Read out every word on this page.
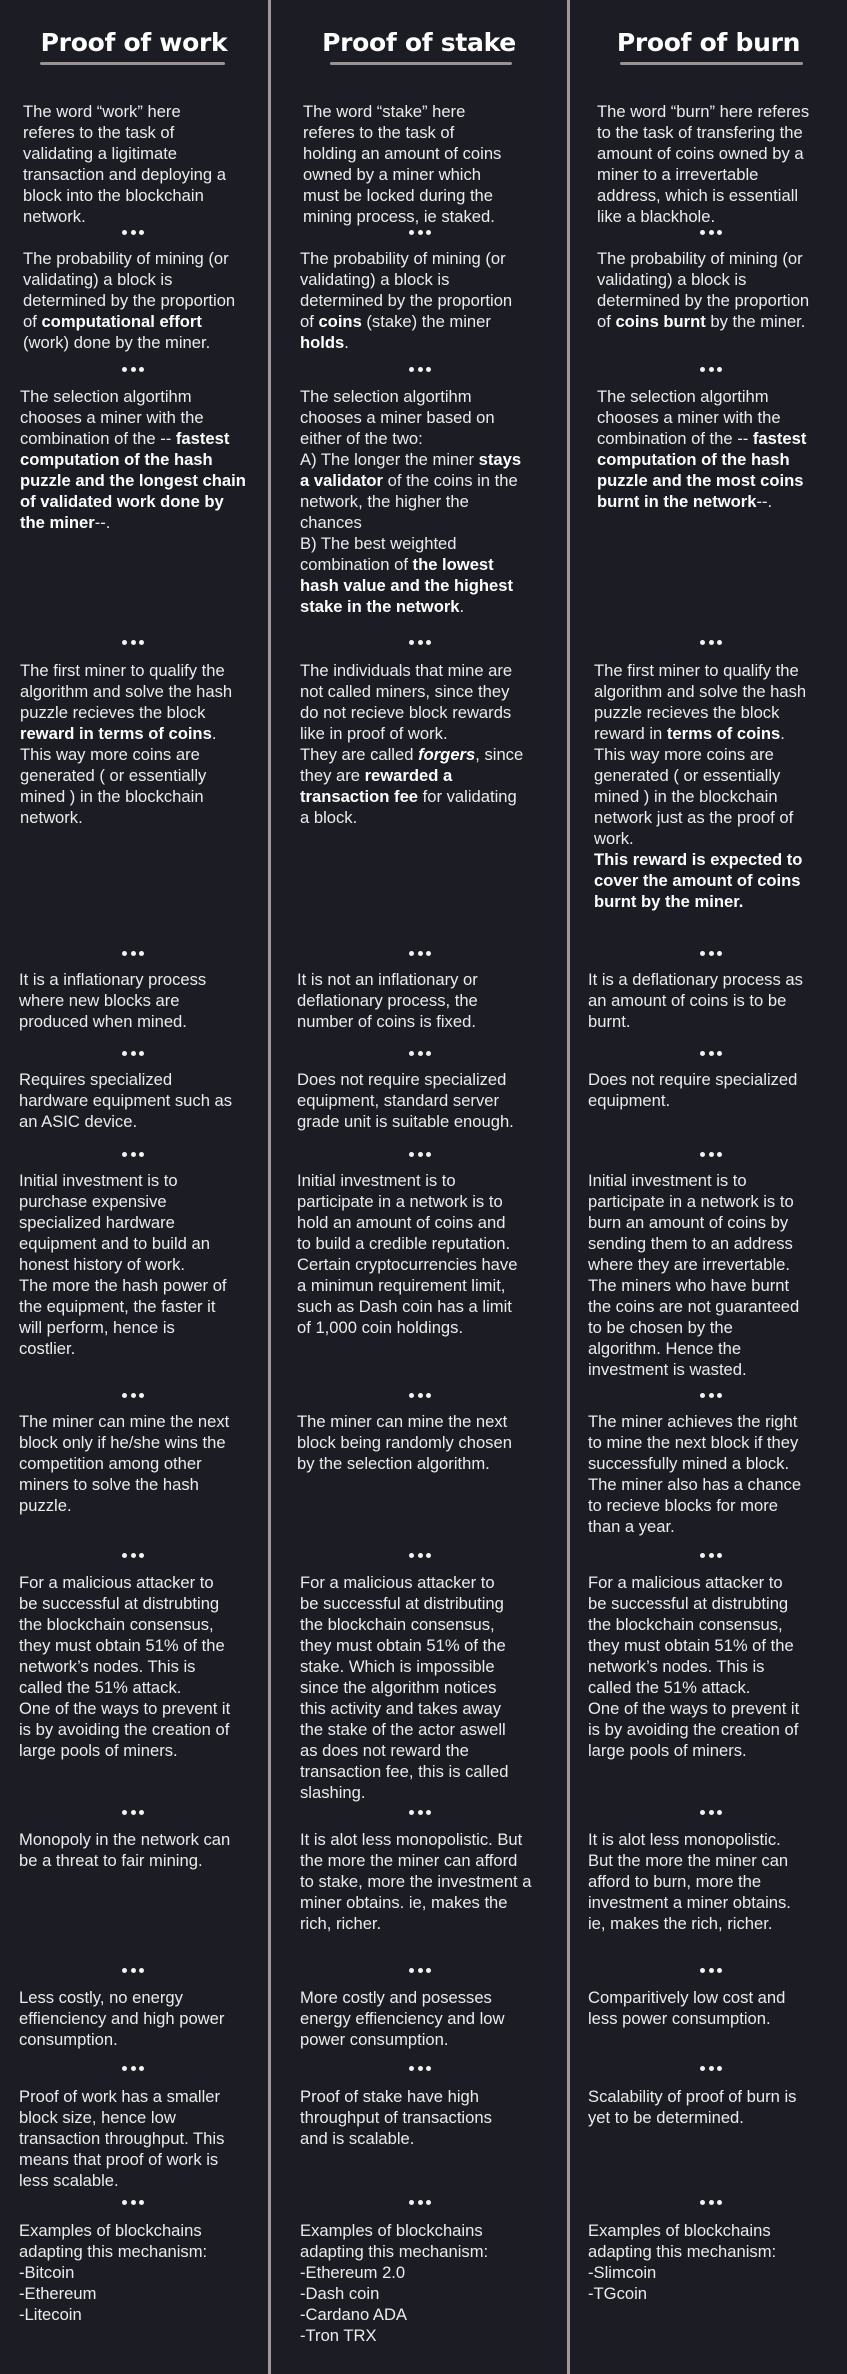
Proof of work
The word “work” here
referes to the task of
validating a ligitimate
transaction and deploying a
block into the blockchain
network.
The probability of mining (or
validating) a block is
determined by the proportion
of computational effort
(work) done by the miner.
The selection algortihm
chooses a miner with the
combination of the -- fastest
computation of the hash
puzzle and the longest chain
of validated work done by
the miner--.
The first miner to qualify the
algorithm and solve the hash
puzzle recieves the block
reward in terms of coins.
This way more coins are
generated ( or essentially
mined ) in the blockchain
network.
It is a inflationary process
where new blocks are
produced when mined.
Requires specialized
hardware equipment such as
an ASIC device.
Initial investment is to
purchase expensive
specialized hardware
equipment and to build an
honest history of work.
The more the hash power of
the equipment, the faster it
will perform, hence is
costlier.
The miner can mine the next
block only if he/she wins the
competition among other
miners to solve the hash
puzzle.
For a malicious attacker to
be successful at distrubting
the blockchain consensus,
they must obtain 51% of the
network’s nodes. This is
called the 51% attack.
One of the ways to prevent it
is by avoiding the creation of
large pools of miners.
Monopoly in the network can
be a threat to fair mining.
Less costly, no energy
effienciency and high power
consumption.
Proof of work has a smaller
block size, hence low
transaction throughput. This
means that proof of work is
less scalable.
Examples of blockchains
adapting this mechanism:
-Bitcoin
-Ethereum
-Litecoin
Proof of stake
The word “stake” here
referes to the task of
holding an amount of coins
owned by a miner which
must be locked during the
mining process, ie staked.
The probability of mining (or
validating) a block is
determined by the proportion
of coins (stake) the miner
holds.
The selection algortihm
chooses a miner based on
either of the two:
A) The longer the miner stays
a validator of the coins in the
network, the higher the
chances
B) The best weighted
combination of the lowest
hash value and the highest
stake in the network.
The individuals that mine are
not called miners, since they
do not recieve block rewards
like in proof of work.
They are called forgers, since
they are rewarded a
transaction fee for validating
a block.
It is not an inflationary or
deflationary process, the
number of coins is fixed.
Does not require specialized
equipment, standard server
grade unit is suitable enough.
Initial investment is to
participate in a network is to
hold an amount of coins and
to build a credible reputation.
Certain cryptocurrencies have
a minimun requirement limit,
such as Dash coin has a limit
of 1,000 coin holdings.
The miner can mine the next
block being randomly chosen
by the selection algorithm.
For a malicious attacker to
be successful at distributing
the blockchain consensus,
they must obtain 51% of the
stake. Which is impossible
since the algorithm notices
this activity and takes away
the stake of the actor aswell
as does not reward the
transaction fee, this is called
slashing.
It is alot less monopolistic. But
the more the miner can afford
to stake, more the investment a
miner obtains. ie, makes the
rich, richer.
More costly and posesses
energy effienciency and low
power consumption.
Proof of stake have high
throughput of transactions
and is scalable.
Examples of blockchains
adapting this mechanism:
-Ethereum 2.0
-Dash coin
-Cardano ADA
-Tron TRX
Proof of burn
The word “burn” here referes
to the task of transfering the
amount of coins owned by a
miner to a irrevertable
address, which is essentiall
like a blackhole.
The probability of mining (or
validating) a block is
determined by the proportion
of coins burnt by the miner.
The selection algortihm
chooses a miner with the
combination of the -- fastest
computation of the hash
puzzle and the most coins
burnt in the network--.
The first miner to qualify the
algorithm and solve the hash
puzzle recieves the block
reward in terms of coins.
This way more coins are
generated ( or essentially
mined ) in the blockchain
network just as the proof of
work.
This reward is expected to
cover the amount of coins
burnt by the miner.
It is a deflationary process as
an amount of coins is to be
burnt.
Does not require specialized
equipment.
Initial investment is to
participate in a network is to
burn an amount of coins by
sending them to an address
where they are irrevertable.
The miners who have burnt
the coins are not guaranteed
to be chosen by the
algorithm. Hence the
investment is wasted.
The miner achieves the right
to mine the next block if they
successfully mined a block.
The miner also has a chance
to recieve blocks for more
than a year.
For a malicious attacker to
be successful at distrubting
the blockchain consensus,
they must obtain 51% of the
network’s nodes. This is
called the 51% attack.
One of the ways to prevent it
is by avoiding the creation of
large pools of miners.
It is alot less monopolistic.
But the more the miner can
afford to burn, more the
investment a miner obtains.
ie, makes the rich, richer.
Comparitively low cost and
less power consumption.
Scalability of proof of burn is
yet to be determined.
Examples of blockchains
adapting this mechanism:
-Slimcoin
-TGcoin
